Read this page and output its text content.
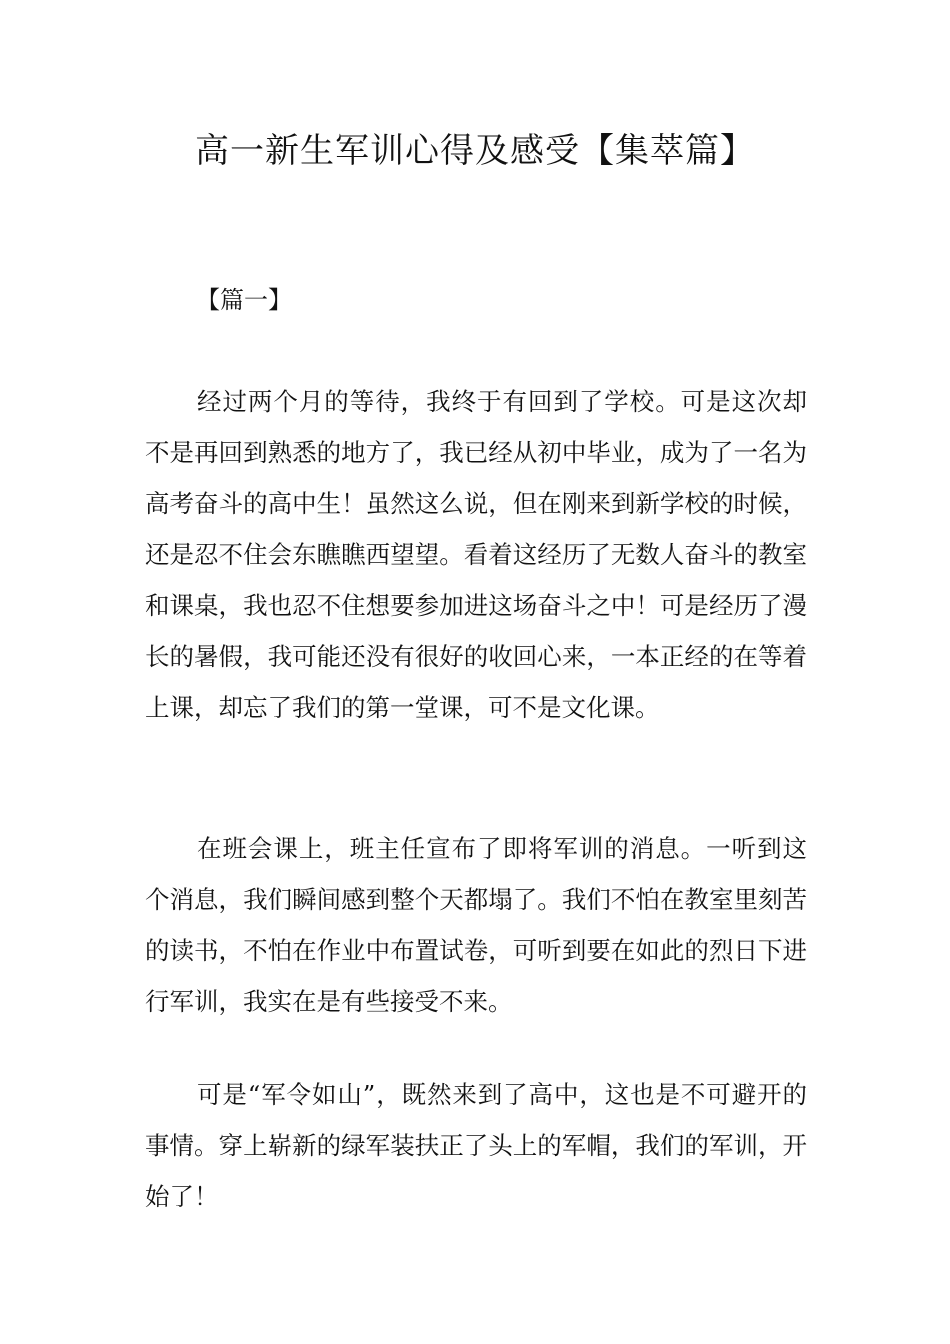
高一新生军训心得及感受【集萃篇】
【篇一】

经过两个月的等待，我终于有回到了学校。可是这次却不是再回到熟悉的地方了，我已经从初中毕业，成为了一名为高考奋斗的高中生！虽然这么说，但在刚来到新学校的时候，还是忍不住会东瞧瞧西望望。看着这经历了无数人奋斗的教室和课桌，我也忍不住想要参加进这场奋斗之中！可是经历了漫长的暑假，我可能还没有很好的收回心来，一本正经的在等着上课，却忘了我们的第一堂课，可不是文化课。

在班会课上，班主任宣布了即将军训的消息。一听到这个消息，我们瞬间感到整个天都塌了。我们不怕在教室里刻苦的读书，不怕在作业中布置试卷，可听到要在如此的烈日下进行军训，我实在是有些接受不来。

可是“军令如山”，既然来到了高中，这也是不可避开的事情。穿上崭新的绿军装扶正了头上的军帽，我们的军训，开始了！
